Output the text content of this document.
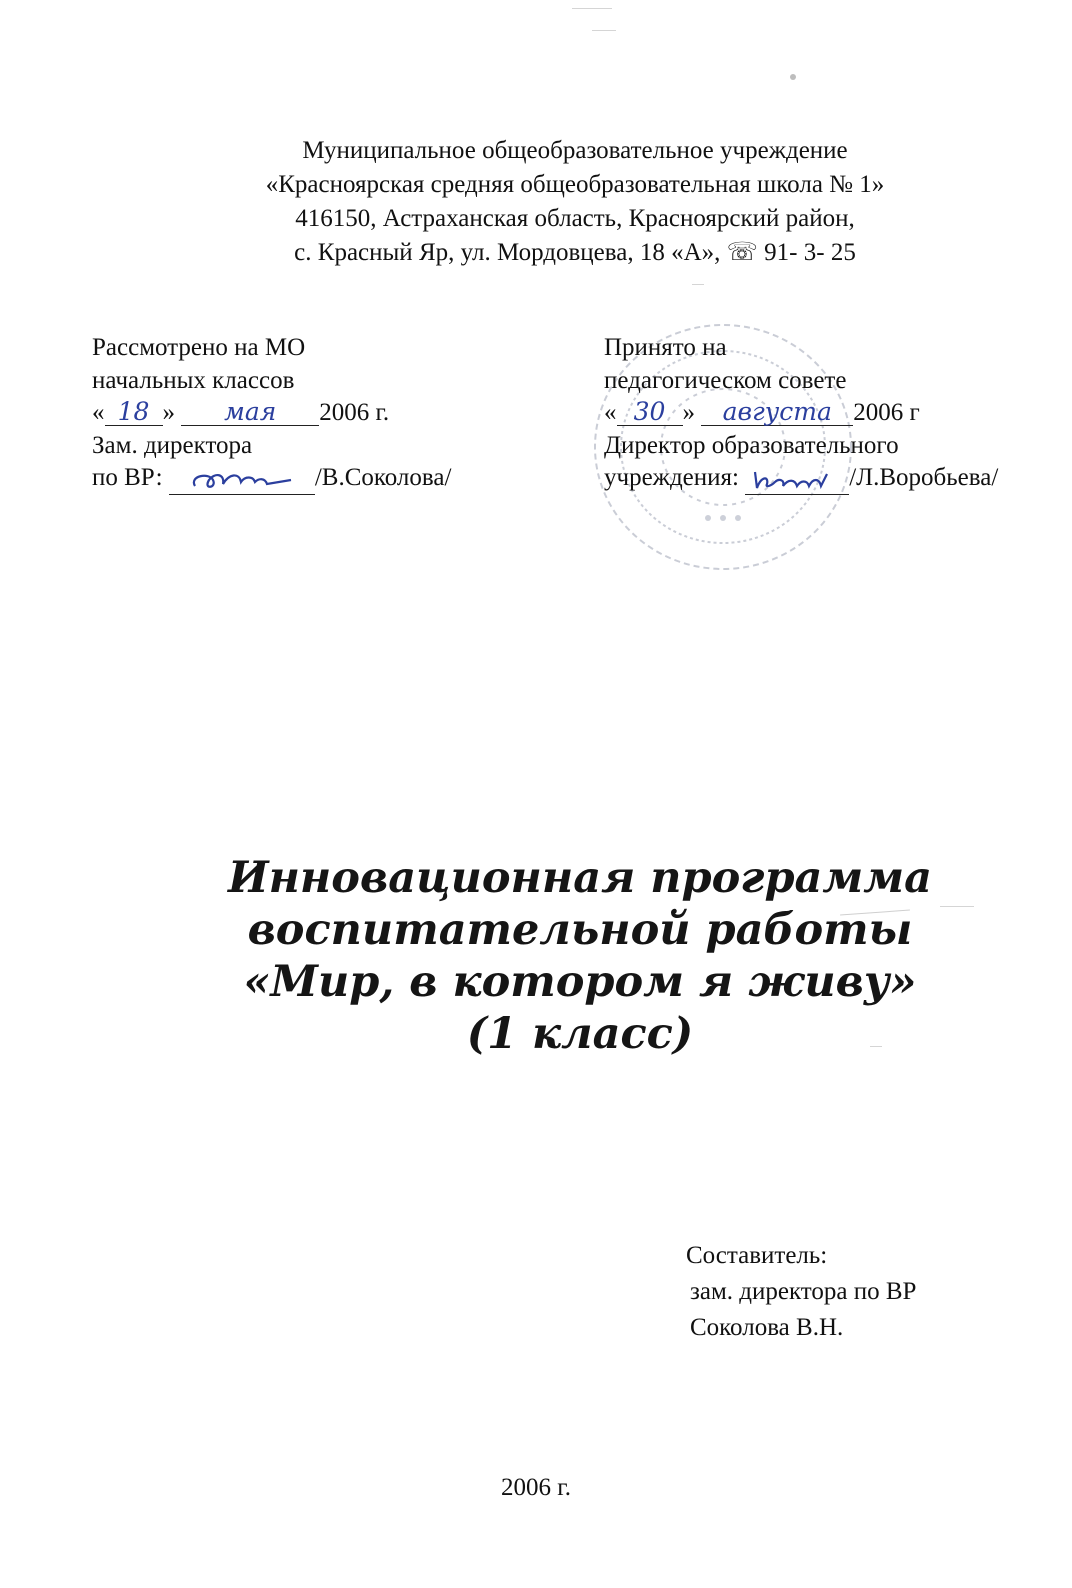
Муниципальное общеобразовательное учреждение
«Красноярская средняя общеобразовательная школа № 1»
416150, Астраханская область, Красноярский район,
с. Красный Яр, ул. Мордовцева, 18 «А», ☏ 91- 3- 25
Рассмотрено на МО
начальных классов
« 18 » мая 2006 г.
Зам. директора
по ВР:	/В.Соколова/
Принято на
педагогическом совете
« 30 » августа 2006 г
Директор образовательного
учреждения:	/Л.Воробьева/
Инновационная программа
воспитательной работы
«Мир, в котором я живу»
(1 класс)
Составитель:
зам. директора по ВР
Соколова В.Н.
2006 г.
